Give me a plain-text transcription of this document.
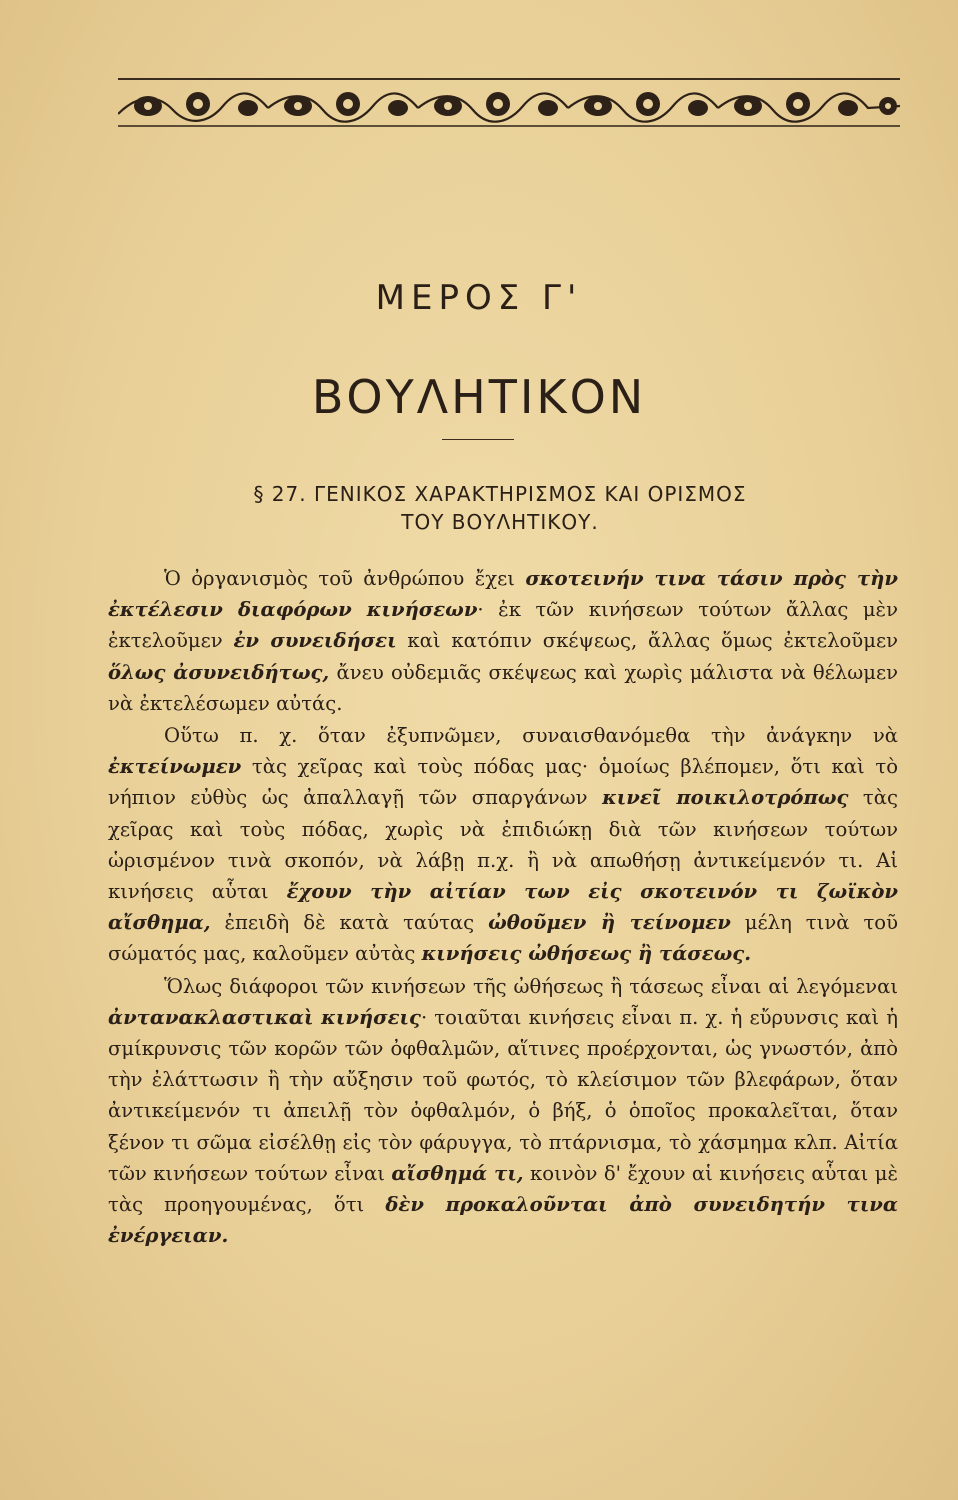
ΜΕΡΟΣ Γ'
ΒΟΥΛΗΤΙΚΟΝ
§ 27. ΓΕΝΙΚΟΣ ΧΑΡΑΚΤΗΡΙΣΜΟΣ ΚΑΙ ΟΡΙΣΜΟΣ
ΤΟΥ ΒΟΥΛΗΤΙΚΟΥ.

Ὁ ὀργανισμὸς τοῦ ἀνθρώπου ἔχει σκοτεινήν τινα τάσιν πρὸς τὴν ἐκτέλεσιν διαφόρων κινήσεων· ἐκ τῶν κινήσεων τούτων ἄλλας μὲν ἐκτελοῦμεν ἐν συνειδήσει καὶ κατόπιν σκέψεως, ἄλλας ὅμως ἐκτελοῦμεν ὅλως ἀσυνειδήτως, ἄνευ οὐδεμιᾶς σκέψεως καὶ χωρὶς μάλιστα νὰ θέλωμεν νὰ ἐκτελέσωμεν αὐτάς.

Οὕτω π. χ. ὅταν ἐξυπνῶμεν, συναισθανόμεθα τὴν ἀνάγκην νὰ ἐκτείνωμεν τὰς χεῖρας καὶ τοὺς πόδας μας· ὁμοίως βλέπομεν, ὅτι καὶ τὸ νήπιον εὐθὺς ὡς ἀπαλλαγῇ τῶν σπαργάνων κινεῖ ποικιλοτρόπως τὰς χεῖρας καὶ τοὺς πόδας, χωρὶς νὰ ἐπιδιώκῃ διὰ τῶν κινήσεων τούτων ὡρισμένον τινὰ σκοπόν, νὰ λάβῃ π.χ. ἢ νὰ απωθήσῃ ἀντικείμενόν τι. Αἱ κινήσεις αὗται ἔχουν τὴν αἰτίαν των εἰς σκοτεινόν τι ζωϊκὸν αἴσθημα, ἐπειδὴ δὲ κατὰ ταύτας ὠθοῦμεν ἢ τείνομεν μέλη τινὰ τοῦ σώματός μας, καλοῦμεν αὐτὰς κινήσεις ὠθήσεως ἢ τάσεως.

Ὅλως διάφοροι τῶν κινήσεων τῆς ὠθήσεως ἢ τάσεως εἶναι αἱ λεγόμεναι ἀντανακλαστικαὶ κινήσεις· τοιαῦται κινήσεις εἶναι π. χ. ἡ εὔρυνσις καὶ ἡ σμίκρυνσις τῶν κορῶν τῶν ὀφθαλμῶν, αἵτινες προέρχονται, ὡς γνωστόν, ἀπὸ τὴν ἐλάττωσιν ἢ τὴν αὔξησιν τοῦ φωτός, τὸ κλείσιμον τῶν βλεφάρων, ὅταν ἀντικείμενόν τι ἀπειλῇ τὸν ὀφθαλμόν, ὁ βήξ, ὁ ὁποῖος προκαλεῖται, ὅταν ξένον τι σῶμα εἰσέλθῃ εἰς τὸν φάρυγγα, τὸ πτάρνισμα, τὸ χάσμημα κλπ. Αἰτία τῶν κινήσεων τούτων εἶναι αἴσθημά τι, κοινὸν δ' ἔχουν αἱ κινήσεις αὗται μὲ τὰς προηγουμένας, ὅτι δὲν προκαλοῦνται ἀπὸ συνειδητήν τινα ἐνέργειαν.
